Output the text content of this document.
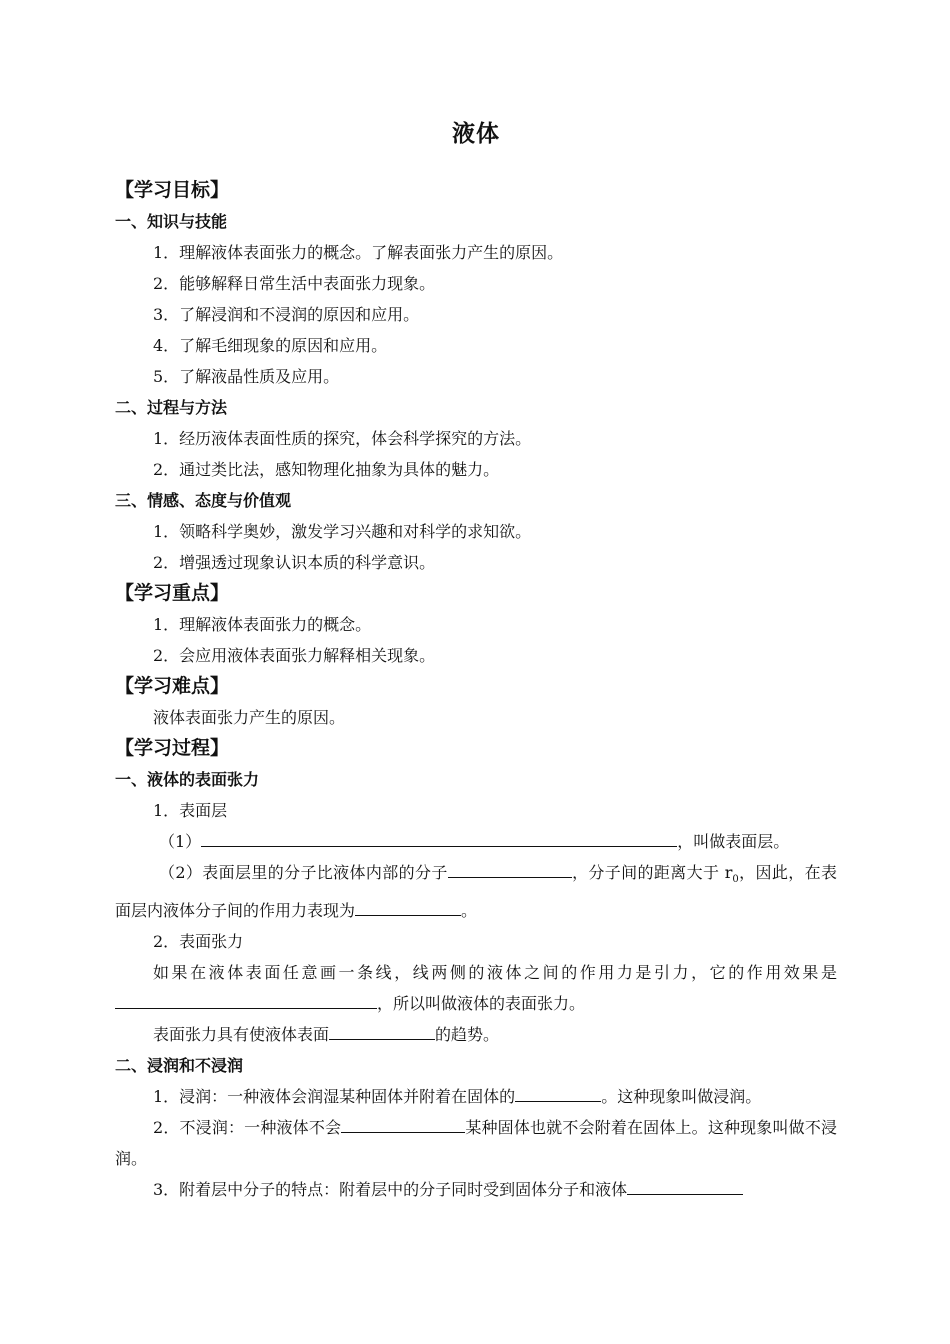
液体
【学习目标】
一、知识与技能
1．理解液体表面张力的概念。了解表面张力产生的原因。
2．能够解释日常生活中表面张力现象。
3．了解浸润和不浸润的原因和应用。
4．了解毛细现象的原因和应用。
5．了解液晶性质及应用。
二、过程与方法
1．经历液体表面性质的探究，体会科学探究的方法。
2．通过类比法，感知物理化抽象为具体的魅力。
三、情感、态度与价值观
1．领略科学奥妙，激发学习兴趣和对科学的求知欲。
2．增强透过现象认识本质的科学意识。
【学习重点】
1．理解液体表面张力的概念。
2．会应用液体表面张力解释相关现象。
【学习难点】
液体表面张力产生的原因。
【学习过程】
一、液体的表面张力
1．表面层
（1）	，叫做表面层。
（2）表面层里的分子比液体内部的分子	，分子间的距离大于 $r_0$，因此，在表面层内液体分子间的作用力表现为	。
2．表面张力
如果在液体表面任意画一条线，线两侧的液体之间的作用力是引力，它的作用效果是，所以叫做液体的表面张力。
表面张力具有使液体表面	的趋势。
二、浸润和不浸润
1．浸润：一种液体会润湿某种固体并附着在固体的	。这种现象叫做浸润。
2．不浸润：一种液体不会	某种固体也就不会附着在固体上。这种现象叫做不浸润。
3．附着层中分子的特点：附着层中的分子同时受到固体分子和液体
